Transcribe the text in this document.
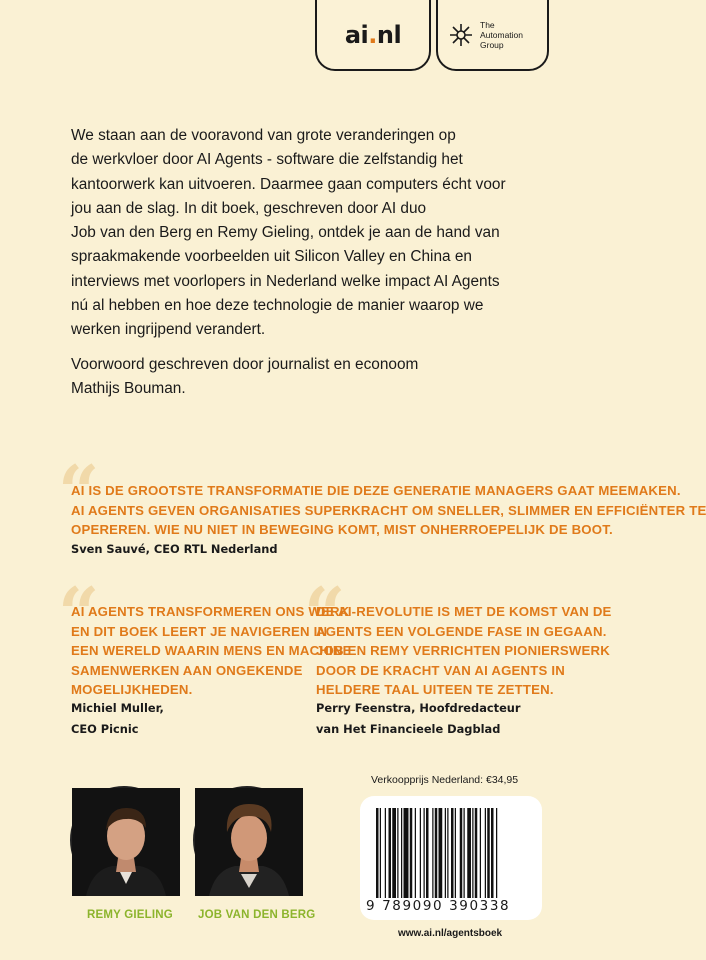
ai.nl	The
Automation
Group
We staan aan de vooravond van grote veranderingen op
de werkvloer door AI Agents - software die zelfstandig het
kantoorwerk kan uitvoeren. Daarmee gaan computers écht voor
jou aan de slag. In dit boek, geschreven door AI duo
Job van den Berg en Remy Gieling, ontdek je aan de hand van
spraakmakende voorbeelden uit Silicon Valley en China en
interviews met voorlopers in Nederland welke impact AI Agents
nú al hebben en hoe deze technologie de manier waarop we
werken ingrijpend verandert.
Voorwoord geschreven door journalist en econoom
Mathijs Bouman.
“
AI IS DE GROOTSTE TRANSFORMATIE DIE DEZE GENERATIE MANAGERS GAAT MEEMAKEN.
AI AGENTS GEVEN ORGANISATIES SUPERKRACHT OM SNELLER, SLIMMER EN EFFICIËNTER TE
OPEREREN. WIE NU NIET IN BEWEGING KOMT, MIST ONHERROEPELIJK DE BOOT.
Sven Sauvé, CEO RTL Nederland
“
AI AGENTS TRANSFORMEREN ONS WERK
EN DIT BOEK LEERT JE NAVIGEREN IN
EEN WERELD WAARIN MENS EN MACHINE
SAMENWERKEN AAN ONGEKENDE
MOGELIJKHEDEN.
Michiel Muller,
CEO Picnic
“
DE AI-REVOLUTIE IS MET DE KOMST VAN DE
AGENTS EEN VOLGENDE FASE IN GEGAAN.
JOB EN REMY VERRICHTEN PIONIERSWERK
DOOR DE KRACHT VAN AI AGENTS IN
HELDERE TAAL UITEEN TE ZETTEN.
Perry Feenstra, Hoofdredacteur
van Het Financieele Dagblad
REMY GIELING JOB VAN DEN BERG
Verkoopprijs Nederland: €34,95
9 789090 390338
www.ai.nl/agentsboek
